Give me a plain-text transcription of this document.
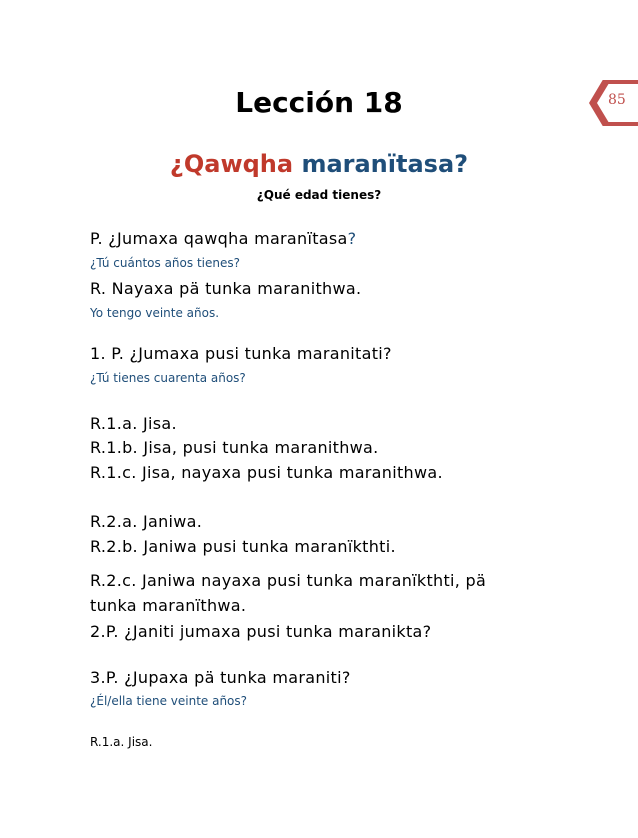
85
Lección 18
¿Qawqha maranïtasa?

¿Qué edad tienes?

P. ¿Jumaxa qawqha maranïtasa?

¿Tú cuántos años tienes?

R. Nayaxa pä tunka maranithwa.

Yo tengo veinte años.

1. P. ¿Jumaxa pusi tunka maranitati?

¿Tú tienes cuarenta años?

R.1.a. Jisa.

R.1.b. Jisa, pusi tunka maranithwa.

R.1.c. Jisa, nayaxa pusi tunka maranithwa.

R.2.a. Janiwa.

R.2.b. Janiwa pusi tunka maranïkthti.

R.2.c. Janiwa nayaxa pusi tunka maranïkthti, pä

tunka maranïthwa.

2.P. ¿Janiti jumaxa pusi tunka maranikta?

3.P. ¿Jupaxa pä tunka maraniti?

¿Él/ella tiene veinte años?

R.1.a. Jisa.
